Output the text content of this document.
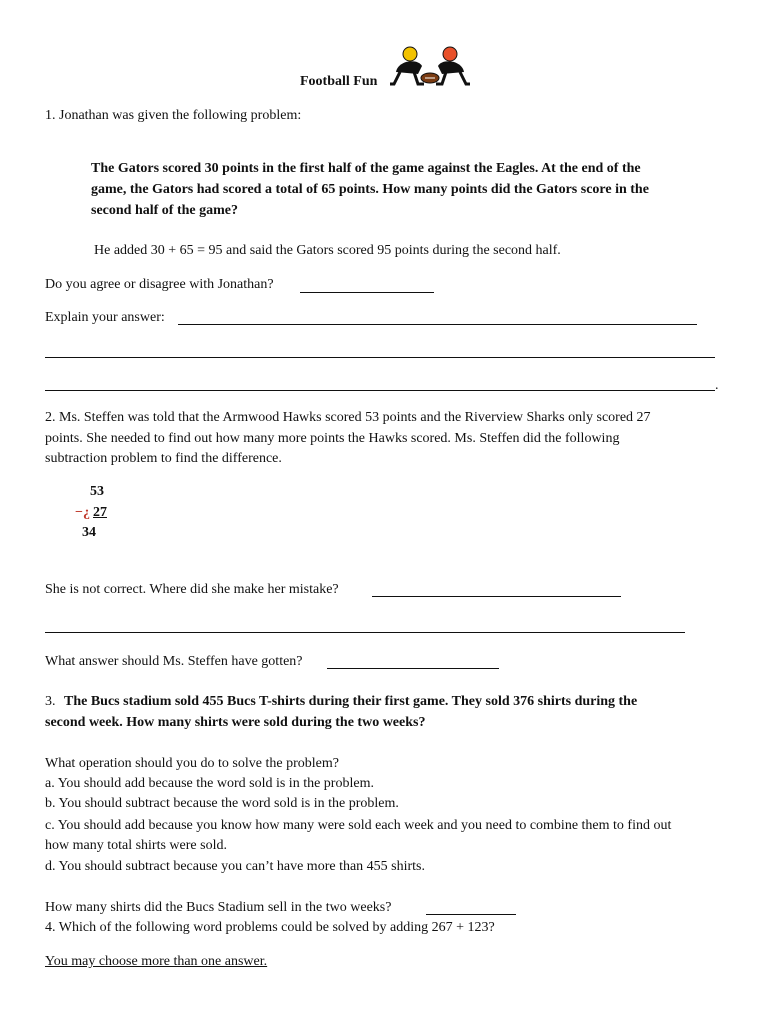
Football Fun
1. Jonathan was given the following problem:
The Gators scored 30 points in the first half of the game against the Eagles. At the end of the
game, the Gators had scored a total of 65 points. How many points did the Gators score in the
second half of the game?
He added 30 + 65 = 95 and said the Gators scored 95 points during the second half.
Do you agree or disagree with Jonathan?
Explain your answer:
.
2. Ms. Steffen was told that the Armwood Hawks scored 53 points and the Riverview Sharks only scored 27
points. She needed to find out how many more points the Hawks scored. Ms. Steffen did the following
subtraction problem to find the difference.
53
−¿ 27
34
She is not correct. Where did she make her mistake?
What answer should Ms. Steffen have gotten?
3. The Bucs stadium sold 455 Bucs T-shirts during their first game. They sold 376 shirts during the
second week. How many shirts were sold during the two weeks?
What operation should you do to solve the problem?
a. You should add because the word sold is in the problem.
b. You should subtract because the word sold is in the problem.
c. You should add because you know how many were sold each week and you need to combine them to find out
how many total shirts were sold.
d. You should subtract because you can’t have more than 455 shirts.
How many shirts did the Bucs Stadium sell in the two weeks?
4. Which of the following word problems could be solved by adding 267 + 123?
You may choose more than one answer.
